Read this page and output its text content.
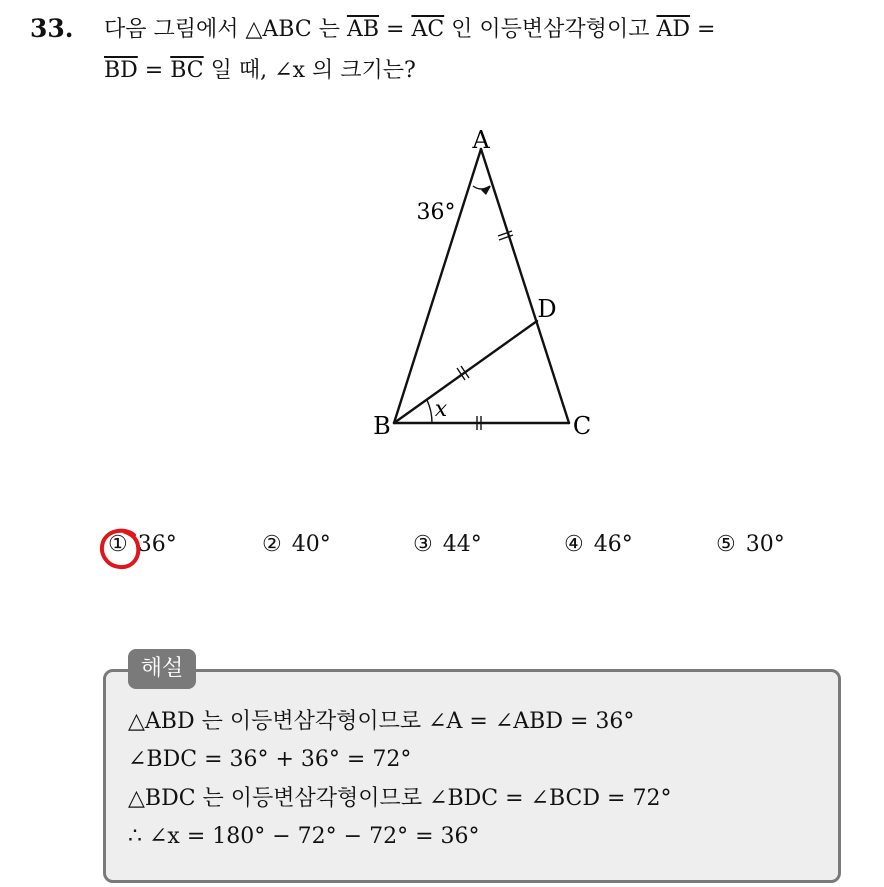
33. 다음 그림에서 △ABC 는 $\overline{AB} = \overline{AC}$ 인 이등변삼각형이고 $\overline{AD}$ =
$\overline{BD} = \overline{BC}$ 일 때, ∠x 의 크기는?
A
B	C
D
36°
x
① 36°	② 40°	③ 44°	④ 46°	⑤ 30°
해설
△ABD 는 이등변삼각형이므로 ∠A = ∠ABD = 36°
∠BDC = 36° + 36° = 72°
△BDC 는 이등변삼각형이므로 ∠BDC = ∠BCD = 72°
∴ ∠x = 180° − 72° − 72° = 36°
